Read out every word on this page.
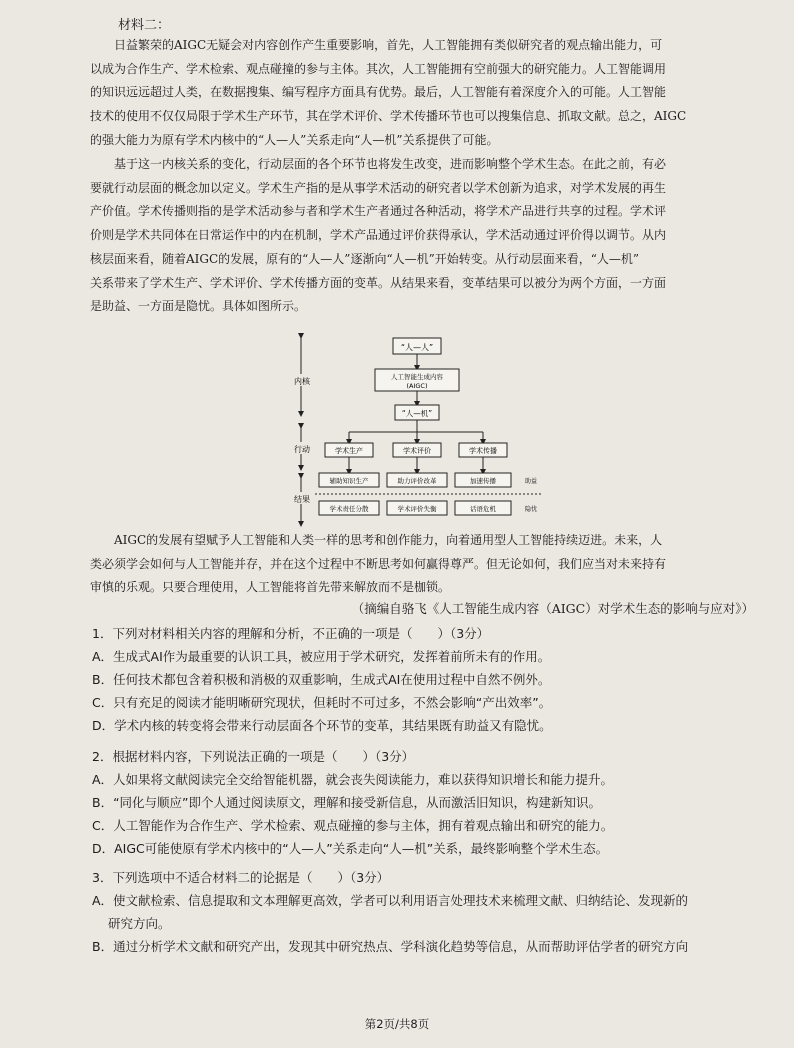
材料二：
日益繁荣的AIGC无疑会对内容创作产生重要影响，首先，人工智能拥有类似研究者的观点输出能力，可
以成为合作生产、学术检索、观点碰撞的参与主体。其次，人工智能拥有空前强大的研究能力。人工智能调用
的知识远远超过人类，在数据搜集、编写程序方面具有优势。最后，人工智能有着深度介入的可能。人工智能
技术的使用不仅仅局限于学术生产环节，其在学术评价、学术传播环节也可以搜集信息、抓取文献。总之，AIGC
的强大能力为原有学术内核中的“人—人”关系走向“人—机”关系提供了可能。
基于这一内核关系的变化，行动层面的各个环节也将发生改变，进而影响整个学术生态。在此之前，有必
要就行动层面的概念加以定义。学术生产指的是从事学术活动的研究者以学术创新为追求，对学术发展的再生
产价值。学术传播则指的是学术活动参与者和学术生产者通过各种活动，将学术产品进行共享的过程。学术评
价则是学术共同体在日常运作中的内在机制，学术产品通过评价获得承认，学术活动通过评价得以调节。从内
核层面来看，随着AIGC的发展，原有的“人—人”逐渐向“人—机”开始转变。从行动层面来看，“人—机”
关系带来了学术生产、学术评价、学术传播方面的变革。从结果来看，变革结果可以被分为两个方面，一方面
是助益、一方面是隐忧。具体如图所示。
内核
行动
结果
“人—人”
人工智能生成内容
(AIGC)
“人—机”
学术生产	学术评价	学术传播
辅助知识生产	助力评价改革	加速传播	助益
学术责任分散	学术评价失衡	话语危机	隐忧
AIGC的发展有望赋予人工智能和人类一样的思考和创作能力，向着通用型人工智能持续迈进。未来，人
类必须学会如何与人工智能并存，并在这个过程中不断思考如何赢得尊严。但无论如何，我们应当对未来持有
审慎的乐观。只要合理使用，人工智能将首先带来解放而不是枷锁。
（摘编自骆飞《人工智能生成内容（AIGC）对学术生态的影响与应对》）
1．下列对材料相关内容的理解和分析，不正确的一项是（　　）（3分）
A．生成式AI作为最重要的认识工具，被应用于学术研究，发挥着前所未有的作用。
B．任何技术都包含着积极和消极的双重影响，生成式AI在使用过程中自然不例外。
C．只有充足的阅读才能明晰研究现状，但耗时不可过多，不然会影响“产出效率”。
D．学术内核的转变将会带来行动层面各个环节的变革，其结果既有助益又有隐忧。
2．根据材料内容，下列说法正确的一项是（　　）（3分）
A．人如果将文献阅读完全交给智能机器，就会丧失阅读能力，难以获得知识增长和能力提升。
B．“同化与顺应”即个人通过阅读原文，理解和接受新信息，从而激活旧知识，构建新知识。
C．人工智能作为合作生产、学术检索、观点碰撞的参与主体，拥有着观点输出和研究的能力。
D．AIGC可能使原有学术内核中的“人—人”关系走向“人—机”关系，最终影响整个学术生态。
3．下列选项中不适合材料二的论据是（　　）（3分）
A．使文献检索、信息提取和文本理解更高效，学者可以利用语言处理技术来梳理文献、归纳结论、发现新的
研究方向。
B．通过分析学术文献和研究产出，发现其中研究热点、学科演化趋势等信息，从而帮助评估学者的研究方向
第2页/共8页
